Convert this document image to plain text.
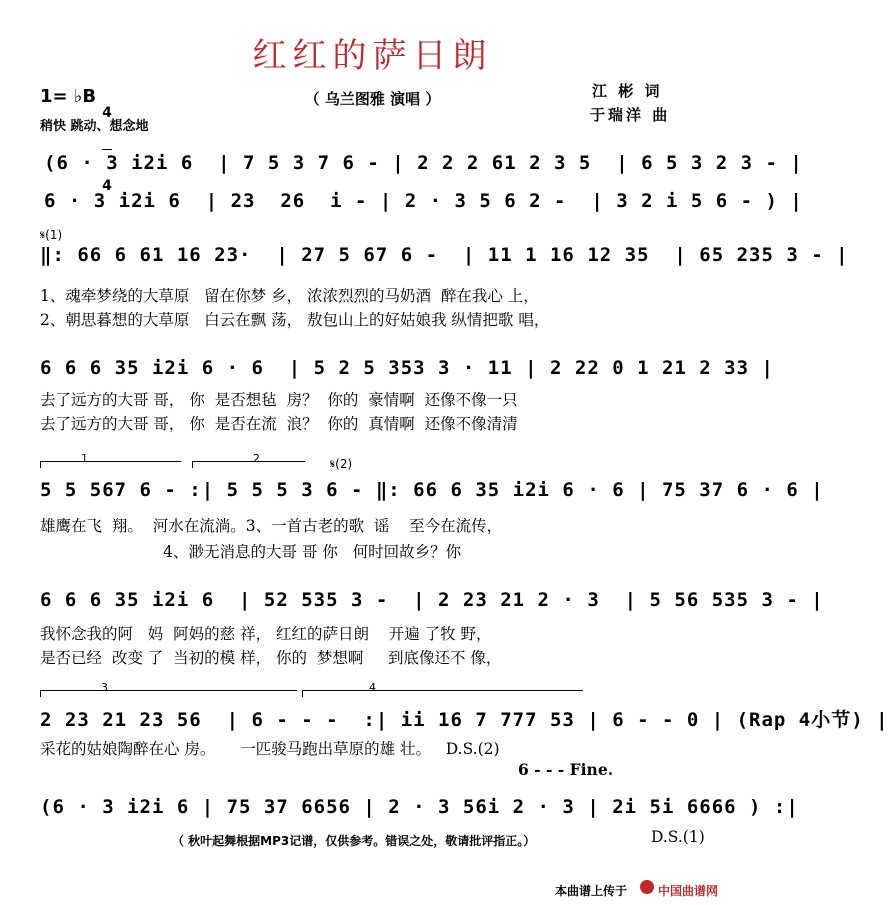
红红的萨日朗
（ 乌兰图雅 演唱 ）	江 彬 词
于瑞洋 曲
1= ♭B

4

4

稍快 跳动、想念地
(6 · 3 i2i 6  | 7 5 3 7 6 - | 2 2 2 61 2 3 5  | 6 5 3 2 3 - |
6 · 3 i2i 6  | 23  26  i - | 2 · 3 5 6 2 -  | 3 2 i 5 6 - ) |
𝄋(1)
‖: 66 6 61 16 23·  | 27 5 67 6 -  | 11 1 16 12 35  | 65 235 3 - |
1、魂牵梦绕的大草原   留在你梦 乡， 浓浓烈烈的马奶酒  醉在我心 上，
2、朝思暮想的大草原   白云在飘 荡， 敖包山上的好姑娘我 纵情把歌 唱，
6 6 6 35 i2i 6 · 6  | 5 2 5 353 3 · 11 | 2 22 0 1 21 2 33 |
去了远方的大哥 哥， 你  是否想毡  房？  你的  豪情啊  还像不像一只
去了远方的大哥 哥， 你  是否在流  浪？  你的  真情啊  还像不像清清
1	2	𝄋(2)
5 5 567 6 - :| 5 5 5 3 6 - ‖: 66 6 35 i2i 6 · 6 | 75 37 6 · 6 |
雄鹰在飞  翔。  河水在流淌。3、一首古老的歌  谣    至今在流传，
4、渺无消息的大哥 哥 你   何时回故乡？你
6 6 6 35 i2i 6  | 52 535 3 -  | 2 23 21 2 · 3  | 5 56 535 3 - |
我怀念我的阿   妈  阿妈的慈 祥， 红红的萨日朗    开遍 了牧 野，
是否已经  改变 了  当初的模 样， 你的  梦想啊     到底像还不 像，
3	4
2 23 21 23 56  | 6 - - -  :| ii 16 7 777 53 | 6 - - 0 | (Rap 4小节) |
采花的姑娘陶醉在心 房。     一匹骏马跑出草原的雄 壮。   D.S.(2)
6 - - - Fine.
(6 · 3 i2i 6 | 75 37 6656 | 2 · 3 56i 2 · 3 | 2i 5i 6666 ) :|
（ 秋叶起舞根据MP3记谱，仅供参考。错误之处，敬请批评指正。）	D.S.(1)
本曲谱上传于	中国曲谱网
